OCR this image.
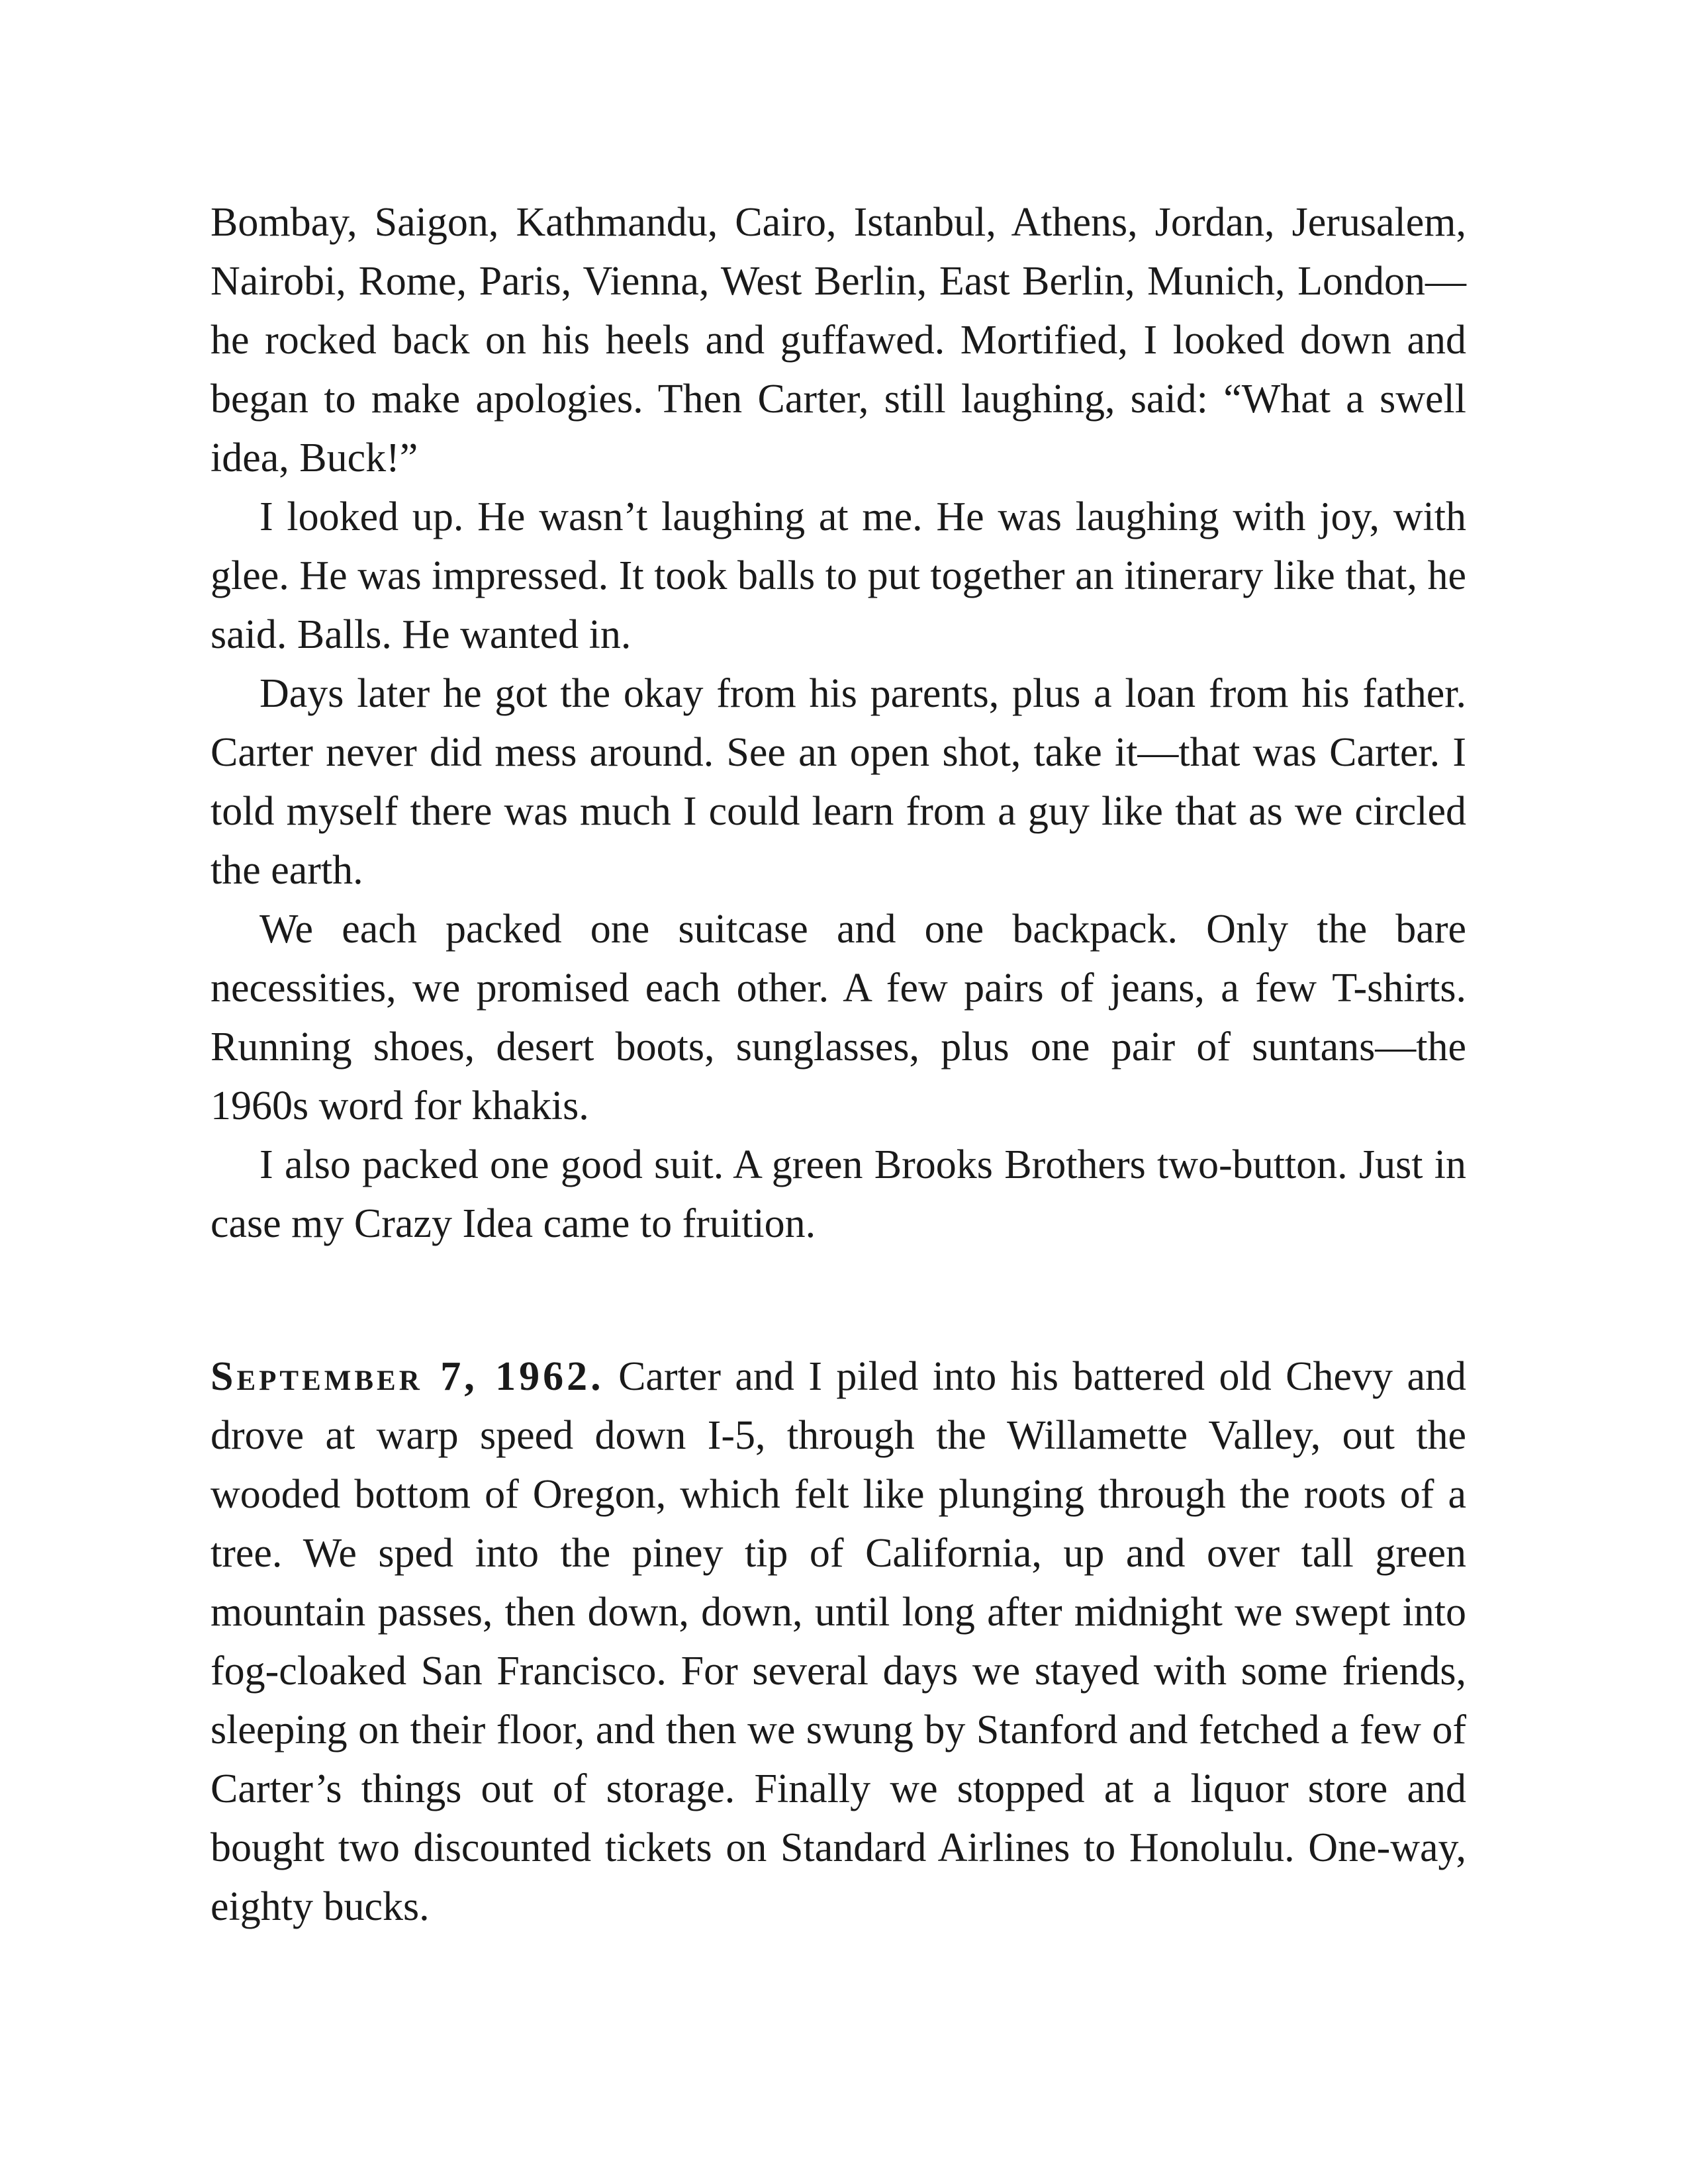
Bombay, Saigon, Kathmandu, Cairo, Istanbul, Athens, Jordan, Jerusalem, Nairobi, Rome, Paris, Vienna, West Berlin, East Berlin, Munich, London—he rocked back on his heels and guffawed. Mortified, I looked down and began to make apologies. Then Carter, still laughing, said: “What a swell idea, Buck!”

I looked up. He wasn’t laughing at me. He was laughing with joy, with glee. He was impressed. It took balls to put together an itinerary like that, he said. Balls. He wanted in.

Days later he got the okay from his parents, plus a loan from his father. Carter never did mess around. See an open shot, take it—that was Carter. I told myself there was much I could learn from a guy like that as we circled the earth.

We each packed one suitcase and one backpack. Only the bare necessities, we promised each other. A few pairs of jeans, a few T-shirts. Running shoes, desert boots, sunglasses, plus one pair of suntans—the 1960s word for khakis.

I also packed one good suit. A green Brooks Brothers two-button. Just in case my Crazy Idea came to fruition.

September 7, 1962. Carter and I piled into his battered old Chevy and drove at warp speed down I-5, through the Willamette Valley, out the wooded bottom of Oregon, which felt like plunging through the roots of a tree. We sped into the piney tip of California, up and over tall green mountain passes, then down, down, until long after midnight we swept into fog-cloaked San Francisco. For several days we stayed with some friends, sleeping on their floor, and then we swung by Stanford and fetched a few of Carter’s things out of storage. Finally we stopped at a liquor store and bought two discounted tickets on Standard Airlines to Honolulu. One-way, eighty bucks.
